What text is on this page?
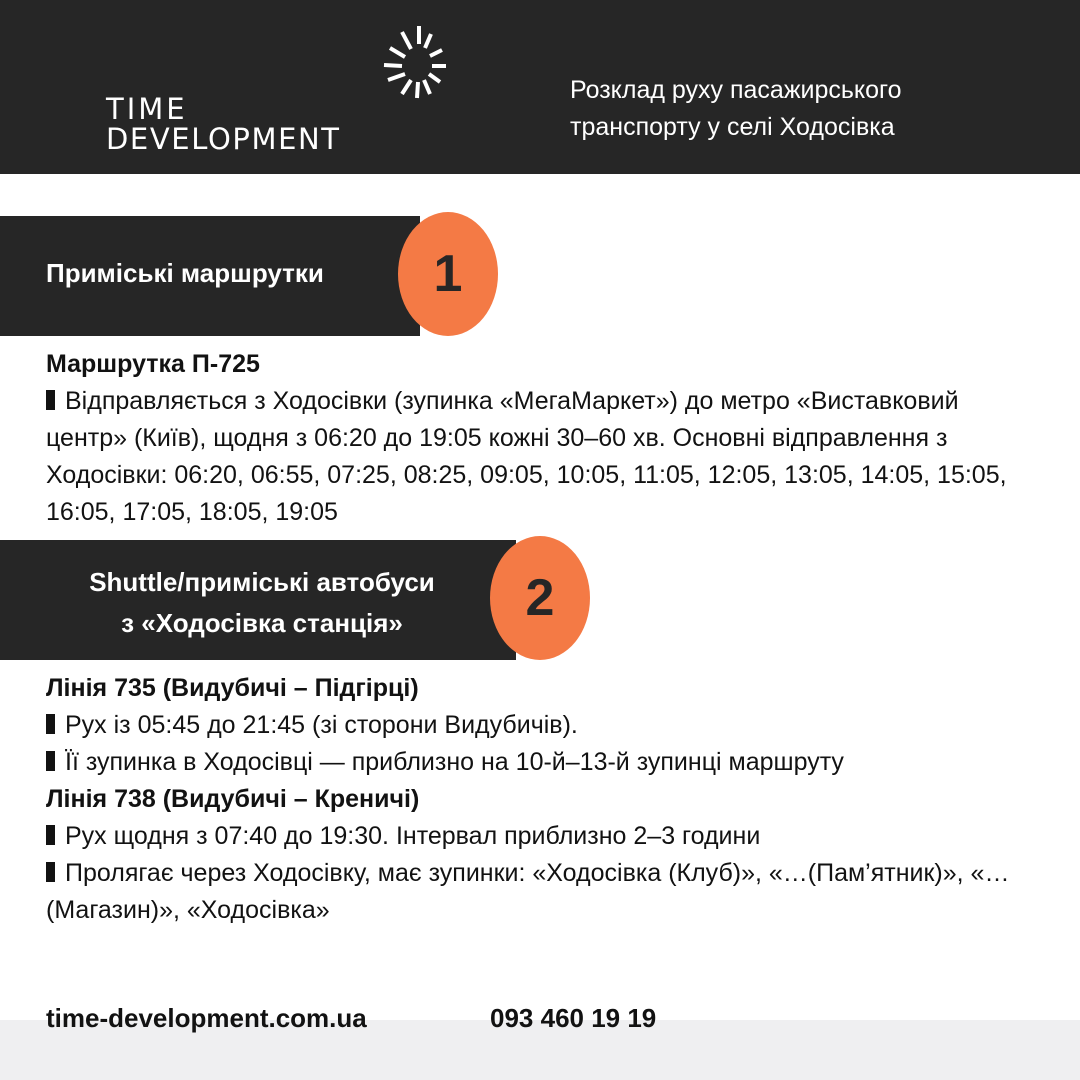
TIME
DEVELOPMENT
Розклад руху пасажирського транспорту у селі Ходосівка
Приміські маршрутки	1
Маршрутка П-725

Відправляється з Ходосівки (зупинка «МегаМаркет») до метро «Виставковий центр» (Київ), щодня з 06:20 до 19:05 кожні 30–60 хв. Основні відправлення з Ходосівки: 06:20, 06:55, 07:25, 08:25, 09:05, 10:05, 11:05, 12:05, 13:05, 14:05, 15:05, 16:05, 17:05, 18:05, 19:05

Shuttle/приміські автобуси
з «Ходосівка станція»	2
Лінія 735 (Видубичі – Підгірці)

Рух із 05:45 до 21:45 (зі сторони Видубичів).

Її зупинка в Ходосівці — приблизно на 10-й–13-й зупинці маршруту

Лінія 738 (Видубичі – Креничі)

Рух щодня з 07:40 до 19:30. Інтервал приблизно 2–3 години

Пролягає через Ходосівку, має зупинки: «Ходосівка (Клуб)», «…(Пам’ятник)», «…(Магазин)», «Ходосівка»

time-development.com.ua	093 460 19 19
